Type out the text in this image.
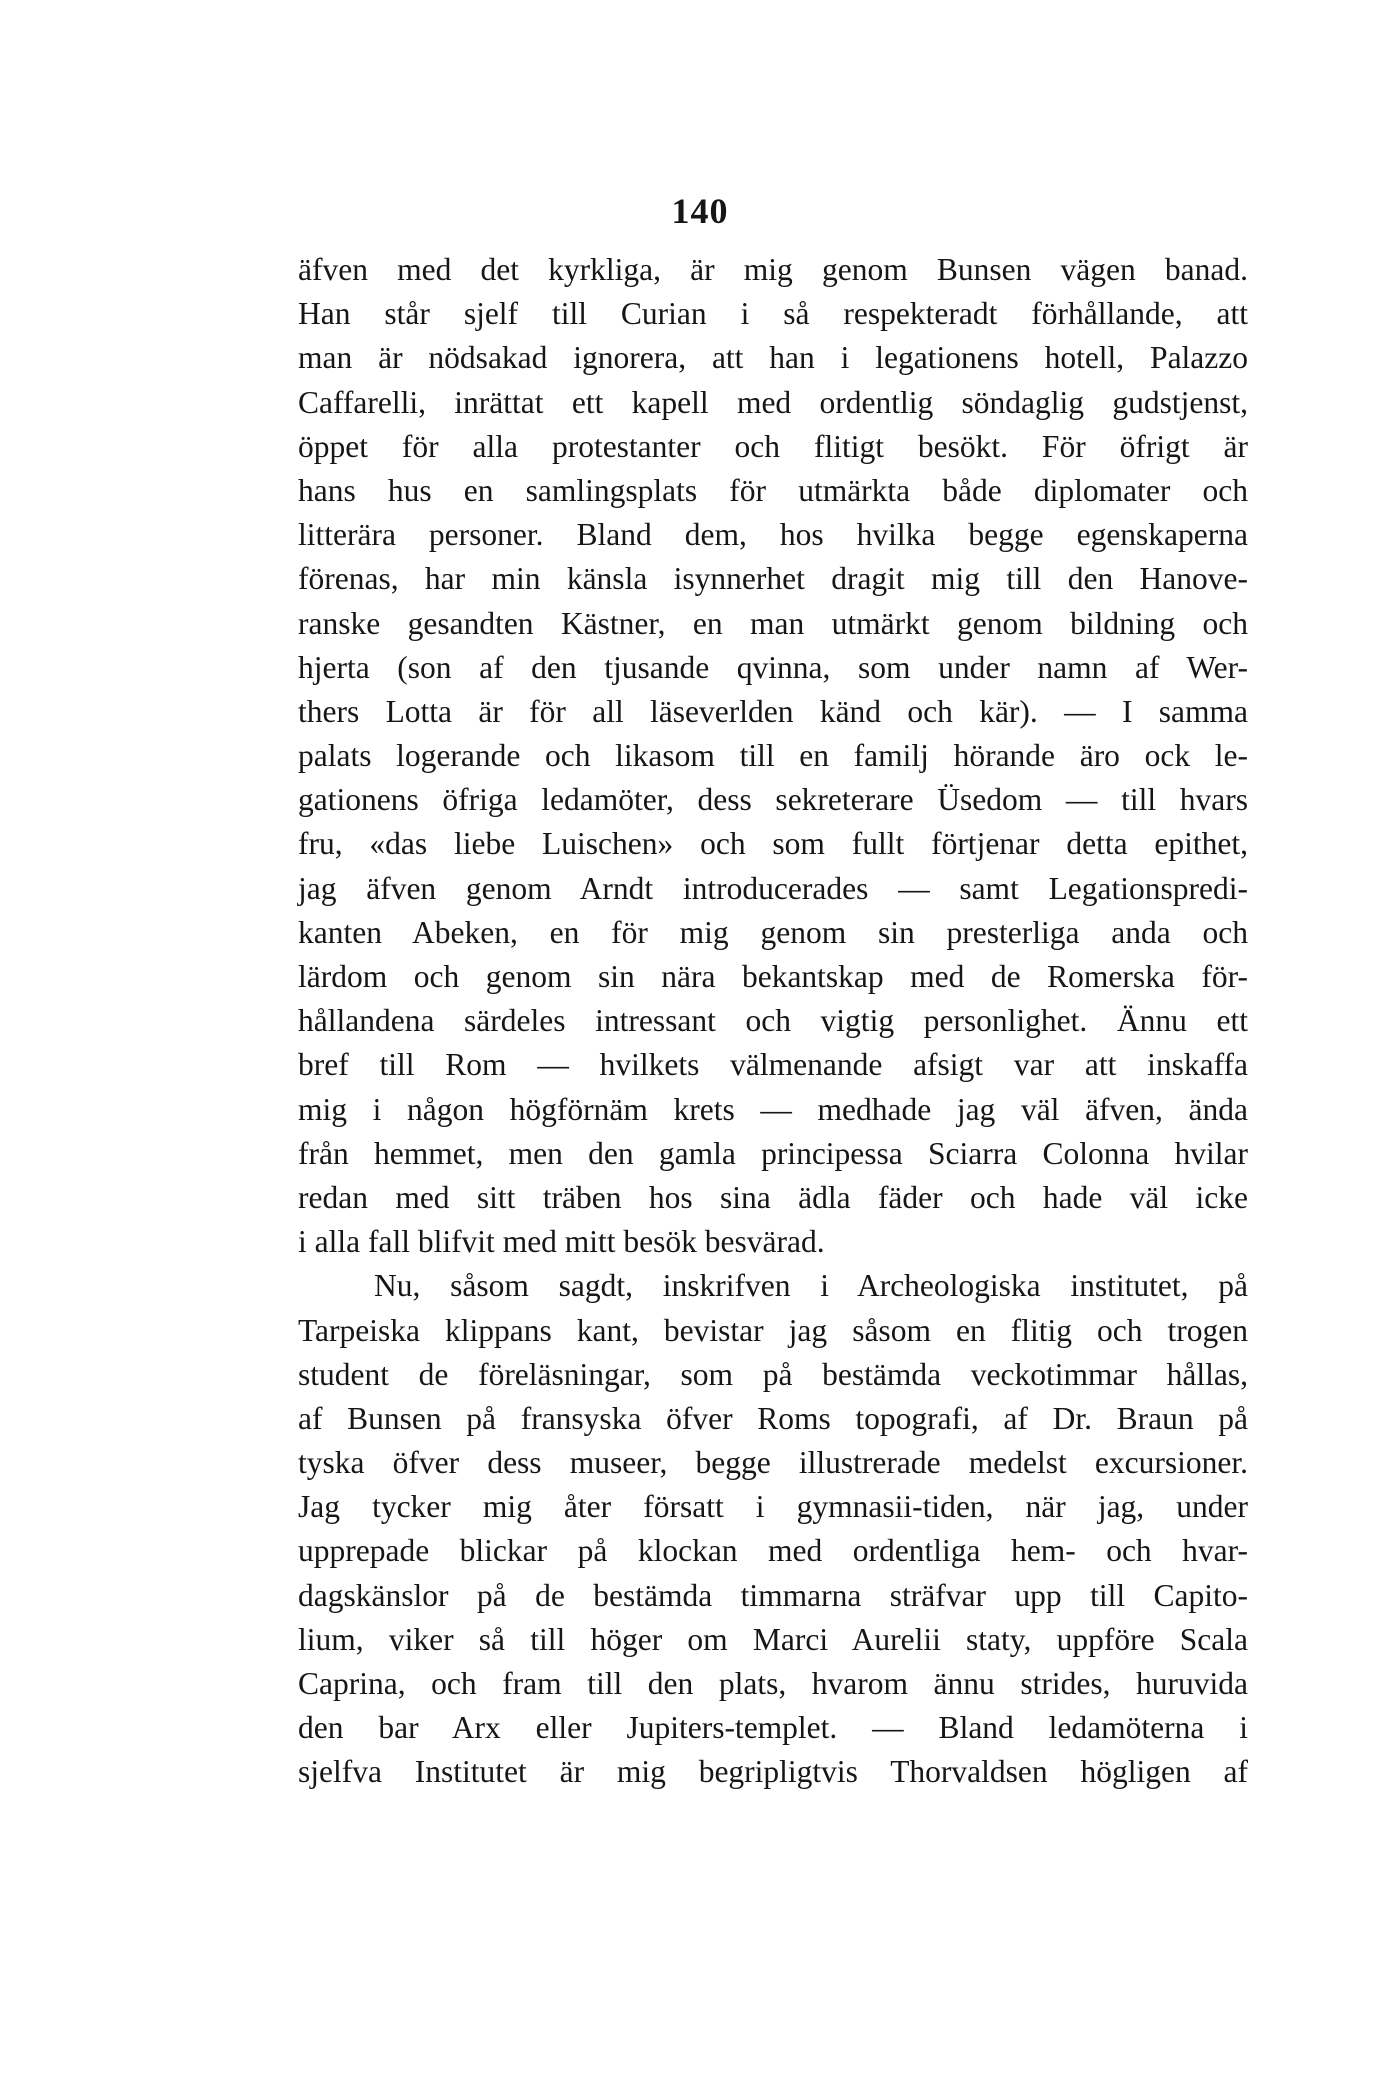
140
äfven med det kyrkliga, är mig genom Bunsen vägen banad.
Han står sjelf till Curian i så respekteradt förhållande, att
man är nödsakad ignorera, att han i legationens hotell, Palazzo
Caffarelli, inrättat ett kapell med ordentlig söndaglig gudstjenst,
öppet för alla protestanter och flitigt besökt. För öfrigt är
hans hus en samlingsplats för utmärkta både diplomater och
litterära personer. Bland dem, hos hvilka begge egenskaperna
förenas, har min känsla isynnerhet dragit mig till den Hanove-
ranske gesandten Kästner, en man utmärkt genom bildning och
hjerta (son af den tjusande qvinna, som under namn af Wer-
thers Lotta är för all läseverlden känd och kär). — I samma
palats logerande och likasom till en familj hörande äro ock le-
gationens öfriga ledamöter, dess sekreterare Üsedom — till hvars
fru, «das liebe Luischen» och som fullt förtjenar detta epithet,
jag äfven genom Arndt introducerades — samt Legationspredi-
kanten Abeken, en för mig genom sin presterliga anda och
lärdom och genom sin nära bekantskap med de Romerska för-
hållandena särdeles intressant och vigtig personlighet. Ännu ett
bref till Rom — hvilkets välmenande afsigt var att inskaffa
mig i någon högförnäm krets — medhade jag väl äfven, ända
från hemmet, men den gamla principessa Sciarra Colonna hvilar
redan med sitt träben hos sina ädla fäder och hade väl icke
i alla fall blifvit med mitt besök besvärad.
Nu, såsom sagdt, inskrifven i Archeologiska institutet, på
Tarpeiska klippans kant, bevistar jag såsom en flitig och trogen
student de föreläsningar, som på bestämda veckotimmar hållas,
af Bunsen på fransyska öfver Roms topografi, af Dr. Braun på
tyska öfver dess museer, begge illustrerade medelst excursioner.
Jag tycker mig åter försatt i gymnasii-tiden, när jag, under
upprepade blickar på klockan med ordentliga hem- och hvar-
dagskänslor på de bestämda timmarna sträfvar upp till Capito-
lium, viker så till höger om Marci Aurelii staty, uppföre Scala
Caprina, och fram till den plats, hvarom ännu strides, huruvida
den bar Arx eller Jupiters-templet. — Bland ledamöterna i
sjelfva Institutet är mig begripligtvis Thorvaldsen högligen af
